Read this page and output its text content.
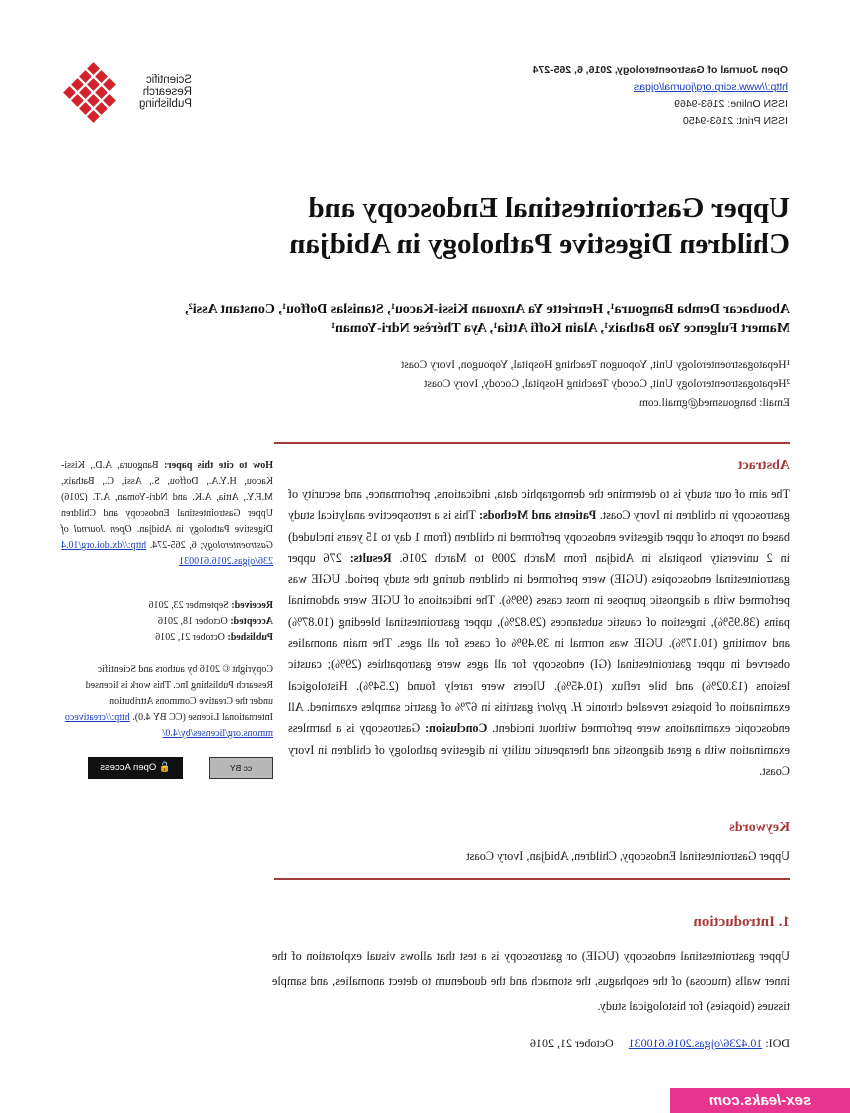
Open Journal of Gastroenterology, 2016, 6, 265-274
http://www.scirp.org/journal/ojgas
ISSN Online: 2163-9469
ISSN Print: 2163-9450
Scientific
Research
Publishing
Upper Gastrointestinal Endoscopy and
Children Digestive Pathology in Abidjan
Aboubacar Demba Bangoura¹, Henriette Ya Anzouan Kissi-Kacou¹, Stanislas Doffou¹, Constant Assi²,
Mamert Fulgence Yao Bathaix¹, Alain Koffi Attia¹, Aya Thérèse Ndri-Yoman¹
¹Hepatogastroenterology Unit, Yopougon Teaching Hospital, Yopougon, Ivory Coast
²Hepatogastroenterology Unit, Cocody Teaching Hospital, Cocody, Ivory Coast
Email: bangousmed@gmail.com
Abstract
The aim of our study is to determine the demographic data, indications, performance, and security of gastroscopy in children in Ivory Coast. Patients and Methods: This is a retrospective analytical study based on reports of upper digestive endoscopy performed in children (from 1 day to 15 years included) in 2 university hospitals in Abidjan from March 2009 to March 2016. Results: 276 upper gastrointestinal endoscopies (UGIE) were performed in children during the study period. UGIE was performed with a diagnostic purpose in most cases (99%). The indications of UGIE were abdominal pains (38.95%), ingestion of caustic substances (29.82%), upper gastrointestinal bleeding (10.87%) and vomiting (10.17%). UGIE was normal in 39.49% of cases for all ages. The main anomalies observed in upper gastrointestinal (GI) endoscopy for all ages were gastropathies (29%); caustic lesions (13.02%) and bile reflux (10.45%). Ulcers were rarely found (2.54%). Histological examination of biopsies revealed chronic H. pylori gastritis in 67% of gastric samples examined. All endoscopic examinations were performed without incident. Conclusion: Gastroscopy is a harmless examination with a great diagnostic and therapeutic utility in digestive pathology of children in Ivory Coast.
Keywords
Upper Gastrointestinal Endoscopy, Children, Abidjan, Ivory Coast
How to cite this paper: Bangoura, A.D., Kissi-Kacou, H.Y.A., Doffou, S., Assi, C., Bathaix, M.F.Y., Attia, A.K. and Ndri-Yoman, A.T. (2016) Upper Gastrointestinal Endoscopy and Children Digestive Pathology in Abidjan. Open Journal of Gastroenterology; 6, 265-274. http://dx.doi.org/10.4236/ojgas.2016.610031
Received: September 23, 2016
Accepted: October 18, 2016
Published: October 21, 2016
Copyright © 2016 by authors and Scientific Research Publishing Inc. This work is licensed under the Creative Commons Attribution International License (CC BY 4.0). http://creativecommons.org/licenses/by/4.0/
🔓 Open Access	cc BY
1. Introduction
Upper gastrointestinal endoscopy (UGIE) or gastroscopy is a test that allows visual exploration of the inner walls (mucosa) of the esophagus, the stomach and the duodenum to detect anomalies, and sample tissues (biopsies) for histological study.
DOI: 10.4236/ojgas.2016.610031 October 21, 2016
sex-leaks.com
